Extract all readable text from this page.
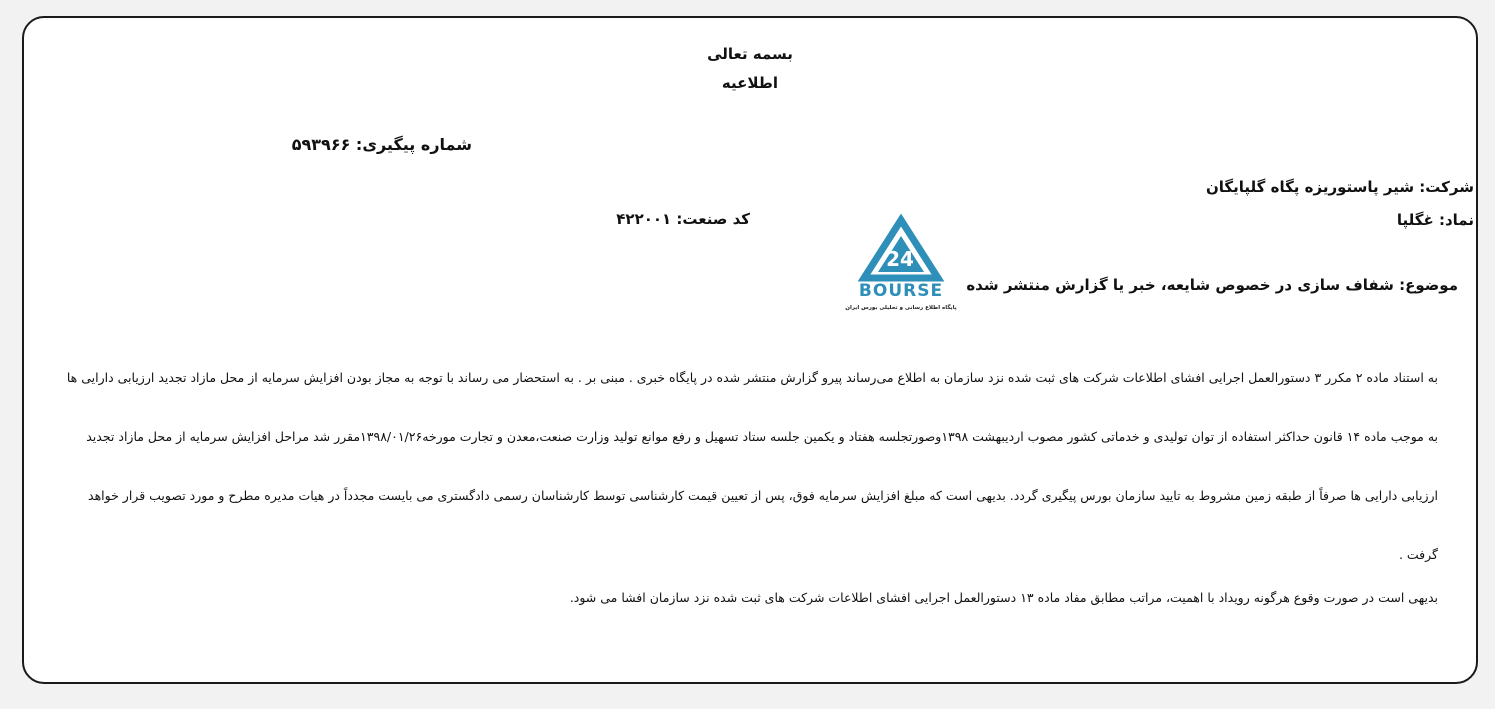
بسمه تعالی
اطلاعیه
شماره پیگیری: ۵۹۳۹۶۶
شرکت: شیر پاستوریزه پگاه گلپایگان
نماد: غگلپا
کد صنعت: ۴۲۲۰۰۱
24
BOURSE
پایگاه اطلاع رسانی و تحلیلی بورس ایران
موضوع: شفاف سازی در خصوص شایعه، خبر یا گزارش منتشر شده

به استناد ماده ۲ مکرر ۳ دستورالعمل اجرایی افشای اطلاعات شرکت های ثبت شده نزد سازمان به اطلاع می‌رساند پیرو گزارش منتشر شده در پایگاه خبری . مبنی بر . به استحضار می رساند با توجه به مجاز بودن افزایش سرمایه از محل مازاد تجدید ارزیابی دارایی ها به موجب ماده ۱۴ قانون حداکثر استفاده از توان تولیدی و خدماتی کشور مصوب اردیبهشت ۱۳۹۸وصورتجلسه هفتاد و یکمین جلسه ستاد تسهیل و رفع موانع تولید وزارت صنعت،معدن و تجارت مورخه۱۳۹۸/۰۱/۲۶مقرر شد مراحل افزایش سرمایه از محل مازاد تجدید ارزیابی دارایی ها صرفاً از طبقه زمین مشروط به تایید سازمان بورس پیگیری گردد. بدیهی است که مبلغ افزایش سرمایه فوق، پس از تعیین قیمت کارشناسی توسط کارشناسان رسمی دادگستری می بایست مجدداً در هیات مدیره مطرح و مورد تصویب قرار خواهد گرفت .

بدیهی است در صورت وقوع هرگونه رویداد با اهمیت، مراتب مطابق مفاد ماده ۱۳ دستورالعمل اجرایی افشای اطلاعات شرکت های ثبت شده نزد سازمان افشا می شود.
